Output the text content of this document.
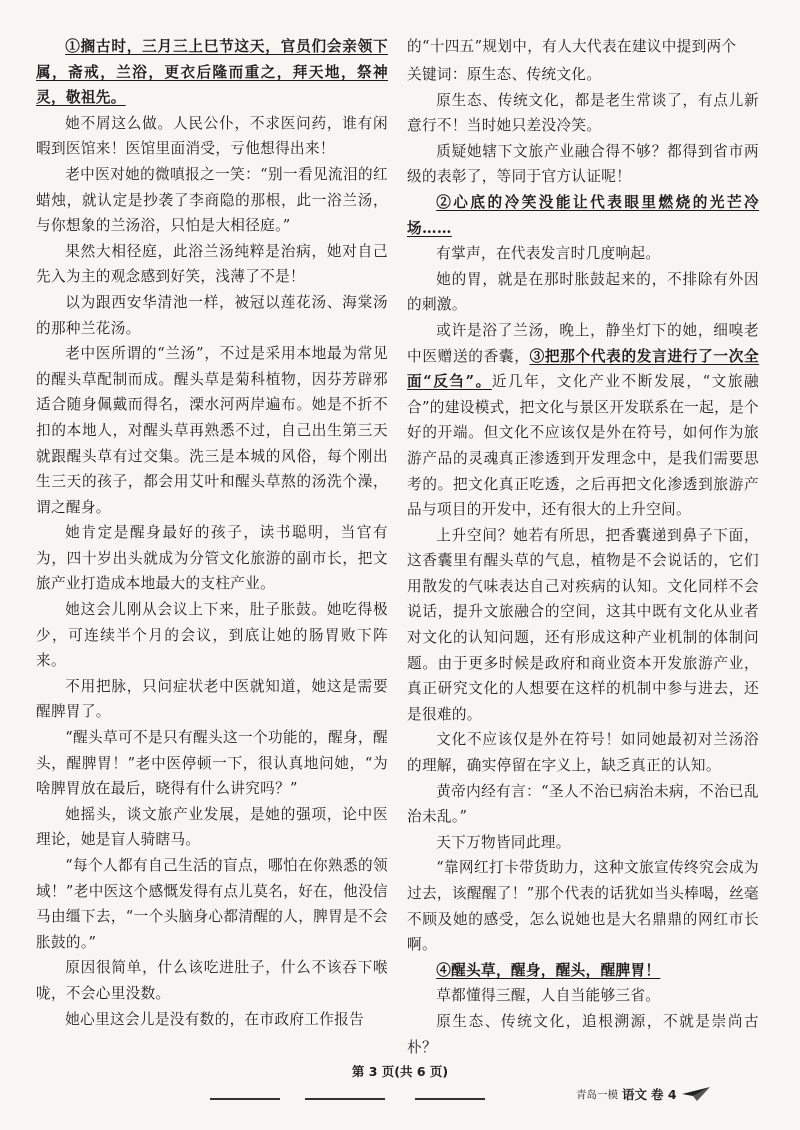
①搁古时，三月三上巳节这天，官员们会亲领下属，斋戒，兰浴，更衣后隆而重之，拜天地，祭神灵，敬祖先。

她不屑这么做。人民公仆，不求医问药，谁有闲暇到医馆来！医馆里面消受，亏他想得出来！

老中医对她的微嗔报之一笑：“别一看见流泪的红蜡烛，就认定是抄袭了李商隐的那根，此一浴兰汤，与你想象的兰汤浴，只怕是大相径庭。”

果然大相径庭，此浴兰汤纯粹是治病，她对自己先入为主的观念感到好笑，浅薄了不是！

以为跟西安华清池一样，被冠以莲花汤、海棠汤的那种兰花汤。

老中医所谓的“兰汤”，不过是采用本地最为常见的醒头草配制而成。醒头草是菊科植物，因芬芳辟邪适合随身佩戴而得名，溧水河两岸遍布。她是不折不扣的本地人，对醒头草再熟悉不过，自己出生第三天就跟醒头草有过交集。洗三是本城的风俗，每个刚出生三天的孩子，都会用艾叶和醒头草熬的汤洗个澡，谓之醒身。

她肯定是醒身最好的孩子，读书聪明，当官有为，四十岁出头就成为分管文化旅游的副市长，把文旅产业打造成本地最大的支柱产业。

她这会儿刚从会议上下来，肚子胀鼓。她吃得极少，可连续半个月的会议，到底让她的肠胃败下阵来。

不用把脉，只问症状老中医就知道，她这是需要醒脾胃了。

“醒头草可不是只有醒头这一个功能的，醒身，醒头，醒脾胃！”老中医停顿一下，很认真地问她，“为啥脾胃放在最后，晓得有什么讲究吗？”

她摇头，谈文旅产业发展，是她的强项，论中医理论，她是盲人骑瞎马。

“每个人都有自己生活的盲点，哪怕在你熟悉的领域！”老中医这个感慨发得有点儿莫名，好在，他没信马由缰下去，“一个头脑身心都清醒的人，脾胃是不会胀鼓的。”

原因很简单，什么该吃进肚子，什么不该吞下喉咙，不会心里没数。

她心里这会儿是没有数的，在市政府工作报告

的“十四五”规划中，有人大代表在建议中提到两个

关键词：原生态、传统文化。

原生态、传统文化，都是老生常谈了，有点儿新意行不！当时她只差没冷笑。

质疑她辖下文旅产业融合得不够？都得到省市两级的表彰了，等同于官方认证呢！

②心底的冷笑没能让代表眼里燃烧的光芒冷场……

有掌声，在代表发言时几度响起。

她的胃，就是在那时胀鼓起来的，不排除有外因的刺激。

或许是浴了兰汤，晚上，静坐灯下的她，细嗅老中医赠送的香囊，③把那个代表的发言进行了一次全面“反刍”。近几年，文化产业不断发展，“文旅融合”的建设模式，把文化与景区开发联系在一起，是个好的开端。但文化不应该仅是外在符号，如何作为旅游产品的灵魂真正渗透到开发理念中，是我们需要思考的。把文化真正吃透，之后再把文化渗透到旅游产品与项目的开发中，还有很大的上升空间。

上升空间？她若有所思，把香囊递到鼻子下面，这香囊里有醒头草的气息，植物是不会说话的，它们用散发的气味表达自己对疾病的认知。文化同样不会说话，提升文旅融合的空间，这其中既有文化从业者对文化的认知问题，还有形成这种产业机制的体制问题。由于更多时候是政府和商业资本开发旅游产业，真正研究文化的人想要在这样的机制中参与进去，还是很难的。

文化不应该仅是外在符号！如同她最初对兰汤浴的理解，确实停留在字义上，缺乏真正的认知。

黄帝内经有言：“圣人不治已病治未病，不治已乱治未乱。”

天下万物皆同此理。

“靠网红打卡带货助力，这种文旅宣传终究会成为过去，该醒醒了！”那个代表的话犹如当头棒喝，丝毫不顾及她的感受，怎么说她也是大名鼎鼎的网红市长啊。

④醒头草，醒身，醒头，醒脾胃！

草都懂得三醒，人自当能够三省。

原生态、传统文化，追根溯源，不就是崇尚古朴？

第 3 页(共 6 页)
青岛一模 语文 卷 4
